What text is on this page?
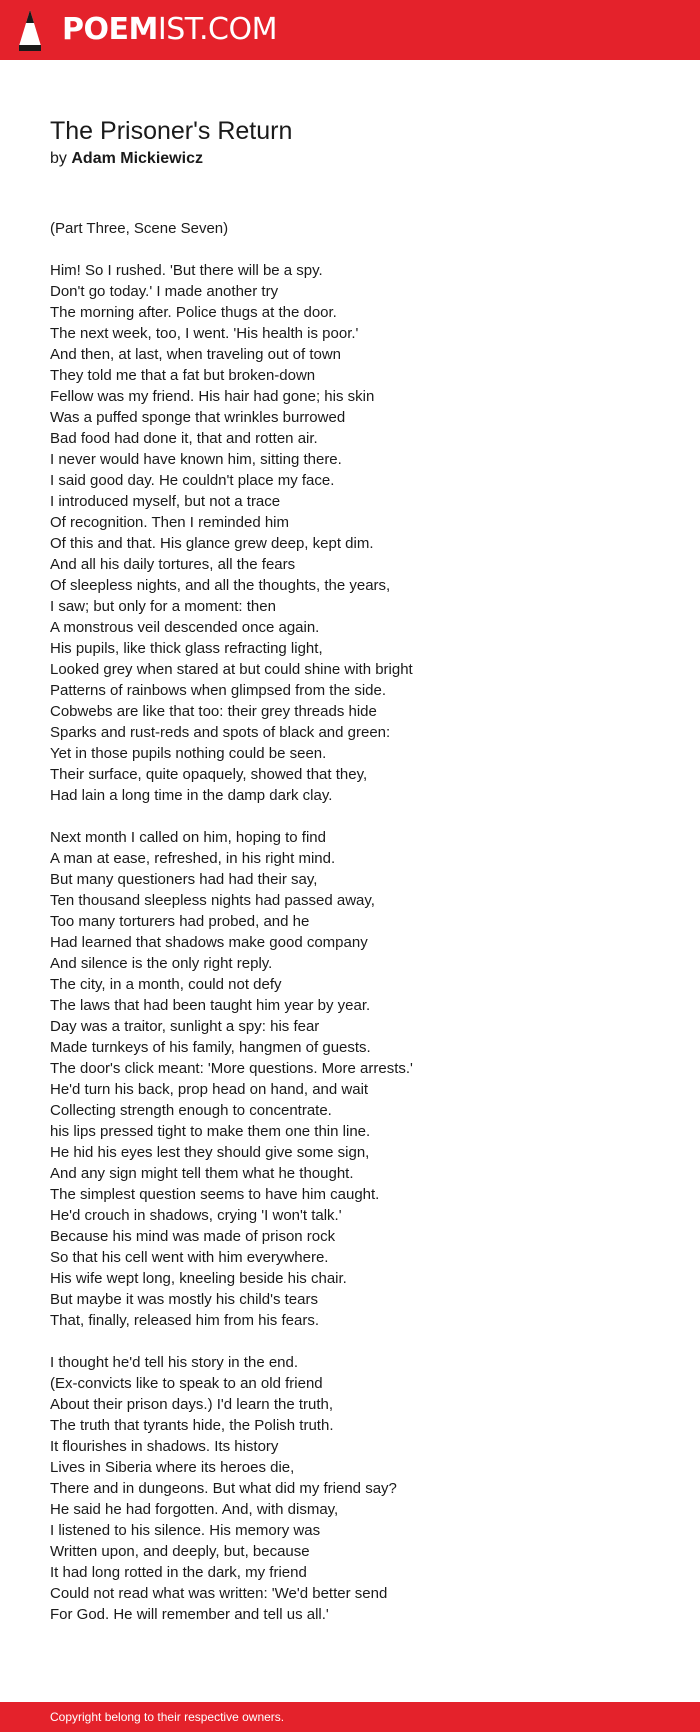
POEMIST.COM
The Prisoner's Return
by Adam Mickiewicz
(Part Three, Scene Seven)
Him! So I rushed. 'But there will be a spy.
Don't go today.' I made another try
The morning after. Police thugs at the door.
The next week, too, I went. 'His health is poor.'
And then, at last, when traveling out of town
They told me that a fat but broken-down
Fellow was my friend. His hair had gone; his skin
Was a puffed sponge that wrinkles burrowed
Bad food had done it, that and rotten air.
I never would have known him, sitting there.
I said good day. He couldn't place my face.
I introduced myself, but not a trace
Of recognition. Then I reminded him
Of this and that. His glance grew deep, kept dim.
And all his daily tortures, all the fears
Of sleepless nights, and all the thoughts, the years,
I saw; but only for a moment: then
A monstrous veil descended once again.
His pupils, like thick glass refracting light,
Looked grey when stared at but could shine with bright
Patterns of rainbows when glimpsed from the side.
Cobwebs are like that too: their grey threads hide
Sparks and rust-reds and spots of black and green:
Yet in those pupils nothing could be seen.
Their surface, quite opaquely, showed that they,
Had lain a long time in the damp dark clay.
Next month I called on him, hoping to find
A man at ease, refreshed, in his right mind.
But many questioners had had their say,
Ten thousand sleepless nights had passed away,
Too many torturers had probed, and he
Had learned that shadows make good company
And silence is the only right reply.
The city, in a month, could not defy
The laws that had been taught him year by year.
Day was a traitor, sunlight a spy: his fear
Made turnkeys of his family, hangmen of guests.
The door's click meant: 'More questions. More arrests.'
He'd turn his back, prop head on hand, and wait
Collecting strength enough to concentrate.
his lips pressed tight to make them one thin line.
He hid his eyes lest they should give some sign,
And any sign might tell them what he thought.
The simplest question seems to have him caught.
He'd crouch in shadows, crying 'I won't talk.'
Because his mind was made of prison rock
So that his cell went with him everywhere.
His wife wept long, kneeling beside his chair.
But maybe it was mostly his child's tears
That, finally, released him from his fears.
I thought he'd tell his story in the end.
(Ex-convicts like to speak to an old friend
About their prison days.) I'd learn the truth,
The truth that tyrants hide, the Polish truth.
It flourishes in shadows. Its history
Lives in Siberia where its heroes die,
There and in dungeons. But what did my friend say?
He said he had forgotten. And, with dismay,
I listened to his silence. His memory was
Written upon, and deeply, but, because
It had long rotted in the dark, my friend
Could not read what was written: 'We'd better send
For God. He will remember and tell us all.'
Copyright belong to their respective owners.
